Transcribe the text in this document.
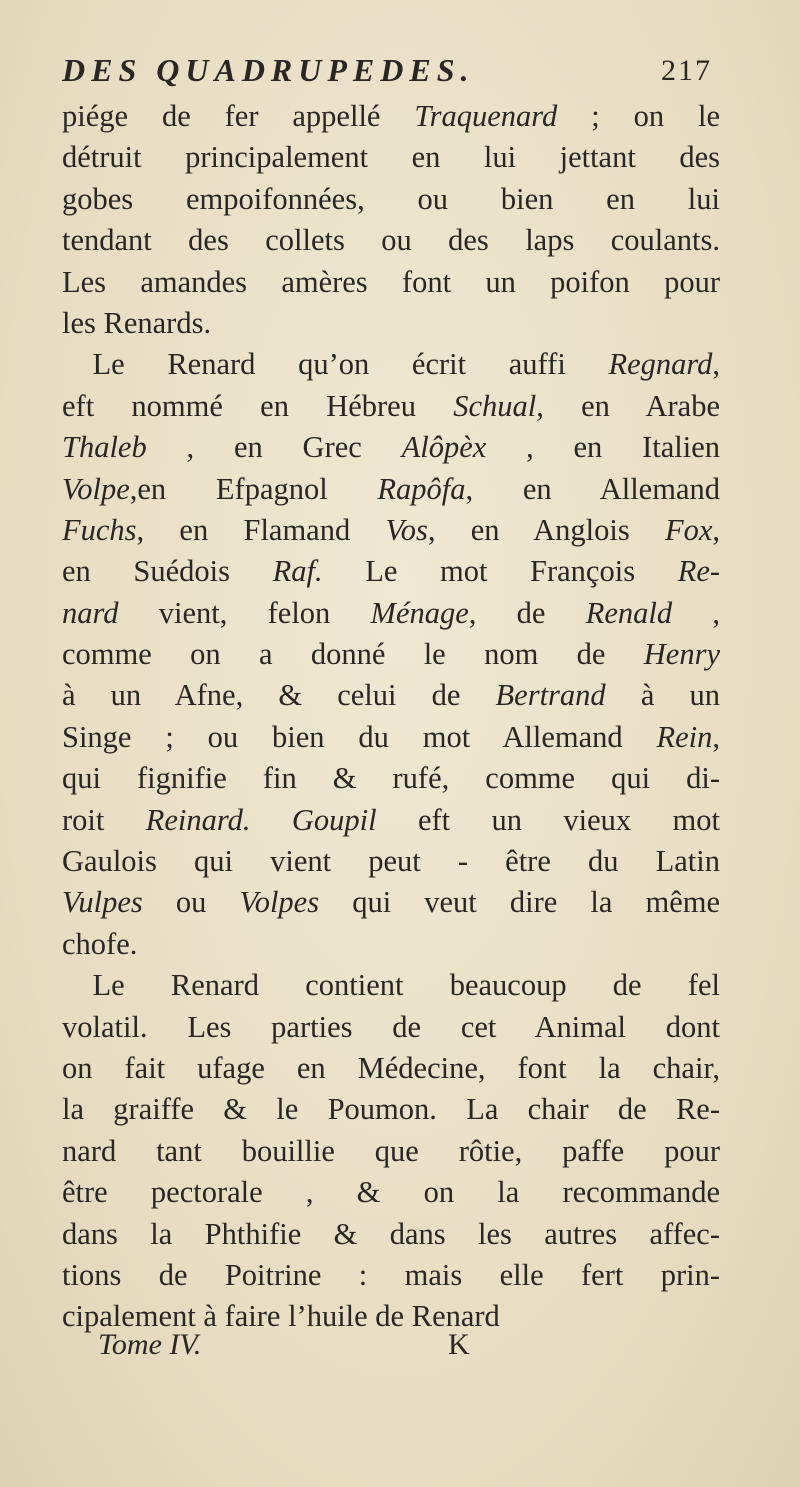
DES QUADRUPEDES.	217
piége de fer appellé Traquenard ; on le
détruit principalement en lui jettant des
gobes empoifonnées, ou bien en lui
tendant des collets ou des laps coulants.
Les amandes amères font un poifon pour
les Renards.
 Le Renard qu’on écrit auffi Regnard,
eft nommé en Hébreu Schual, en Arabe
Thaleb , en Grec Alôpèx , en Italien
Volpe,en Efpagnol Rapôfa, en Allemand
Fuchs, en Flamand Vos, en Anglois Fox,
en Suédois Raf. Le mot François Re-
nard vient, felon Ménage, de Renald ,
comme on a donné le nom de Henry
à un Afne, & celui de Bertrand à un
Singe ; ou bien du mot Allemand Rein,
qui fignifie fin & rufé, comme qui di-
roit Reinard. Goupil eft un vieux mot
Gaulois qui vient peut - être du Latin
Vulpes ou Volpes qui veut dire la même
chofe.
 Le Renard contient beaucoup de fel
volatil. Les parties de cet Animal dont
on fait ufage en Médecine, font la chair,
la graiffe & le Poumon. La chair de Re-
nard tant bouillie que rôtie, paffe pour
être pectorale , & on la recommande
dans la Phthifie & dans les autres affec-
tions de Poitrine : mais elle fert prin-
cipalement à faire l’huile de Renard
Tome IV.	K
